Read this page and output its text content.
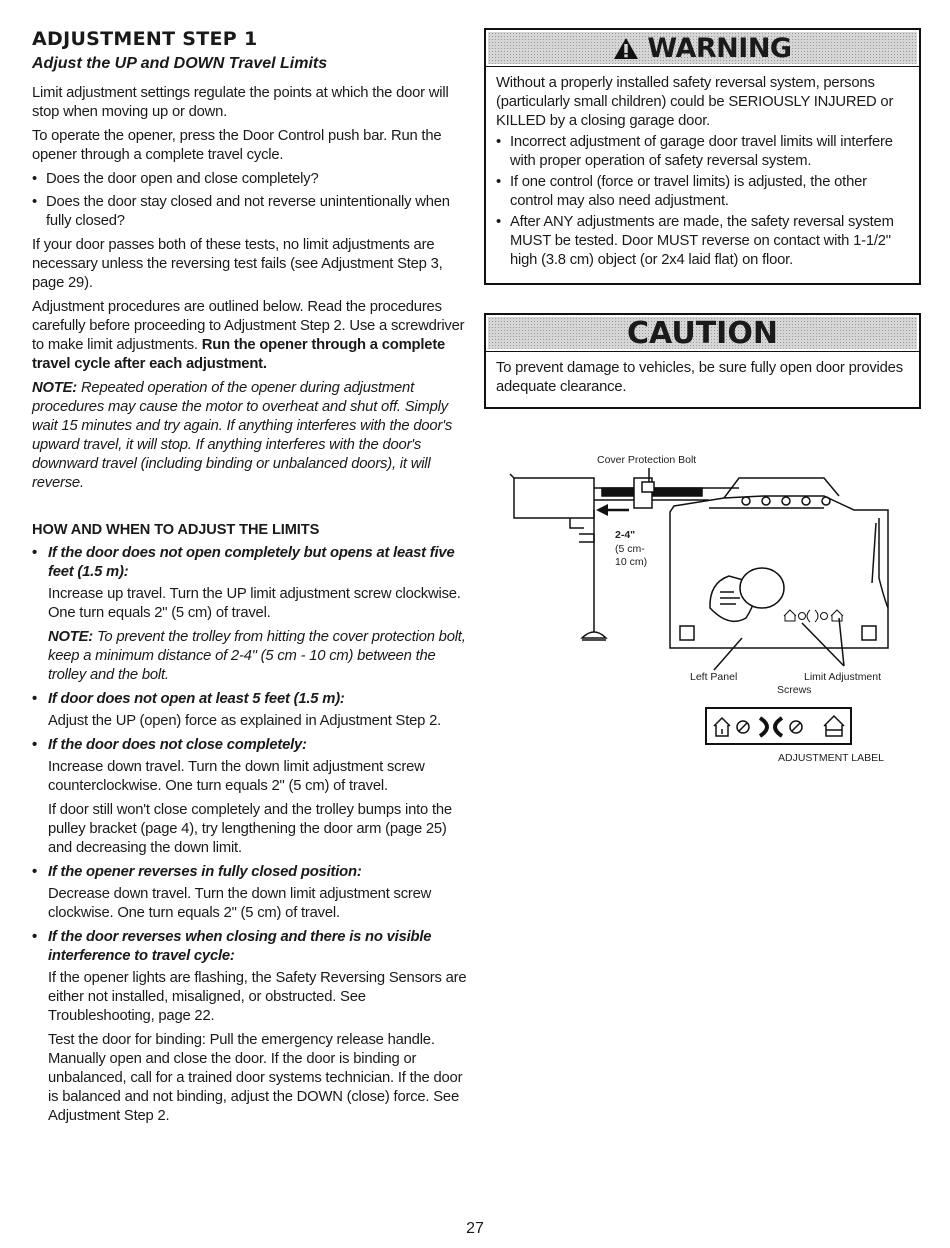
ADJUSTMENT STEP 1
Adjust the UP and DOWN Travel Limits

Limit adjustment settings regulate the points at which the door will stop when moving up or down.

To operate the opener, press the Door Control push bar. Run the opener through a complete travel cycle.

• Does the door open and close completely?
• Does the door stay closed and not reverse unintentionally when fully closed?

If your door passes both of these tests, no limit adjustments are necessary unless the reversing test fails (see Adjustment Step 3, page 29).

Adjustment procedures are outlined below. Read the procedures carefully before proceeding to Adjustment Step 2. Use a screwdriver to make limit adjustments. Run the opener through a complete travel cycle after each adjustment.

NOTE: Repeated operation of the opener during adjustment procedures may cause the motor to overheat and shut off. Simply wait 15 minutes and try again. If anything interferes with the door's upward travel, it will stop. If anything interferes with the door's downward travel (including binding or unbalanced doors), it will reverse.

HOW AND WHEN TO ADJUST THE LIMITS
• If the door does not open completely but opens at least five feet (1.5 m):

Increase up travel. Turn the UP limit adjustment screw clockwise. One turn equals 2" (5 cm) of travel.

NOTE: To prevent the trolley from hitting the cover protection bolt, keep a minimum distance of 2-4" (5 cm - 10 cm) between the trolley and the bolt.

• If door does not open at least 5 feet (1.5 m):

Adjust the UP (open) force as explained in Adjustment Step 2.

• If the door does not close completely:

Increase down travel. Turn the down limit adjustment screw counterclockwise. One turn equals 2" (5 cm) of travel.

If door still won't close completely and the trolley bumps into the pulley bracket (page 4), try lengthening the door arm (page 25) and decreasing the down limit.

• If the opener reverses in fully closed position:

Decrease down travel. Turn the down limit adjustment screw clockwise. One turn equals 2" (5 cm) of travel.

• If the door reverses when closing and there is no visible interference to travel cycle:

If the opener lights are flashing, the Safety Reversing Sensors are either not installed, misaligned, or obstructed. See Troubleshooting, page 22.

Test the door for binding: Pull the emergency release handle. Manually open and close the door. If the door is binding or unbalanced, call for a trained door systems technician. If the door is balanced and not binding, adjust the DOWN (close) force. See Adjustment Step 2.

WARNING

Without a properly installed safety reversal system, persons (particularly small children) could be SERIOUSLY INJURED or KILLED by a closing garage door.

• Incorrect adjustment of garage door travel limits will interfere with proper operation of safety reversal system.
• If one control (force or travel limits) is adjusted, the other control may also need adjustment.
• After ANY adjustments are made, the safety reversal system MUST be tested. Door MUST reverse on contact with 1-1/2" high (3.8 cm) object (or 2x4 laid flat) on floor.
CAUTION

To prevent damage to vehicles, be sure fully open door provides adequate clearance.

Cover Protection Bolt
2-4"
(5 cm-
10 cm)
Left Panel	Limit Adjustment
Screws
ADJUSTMENT LABEL
27
